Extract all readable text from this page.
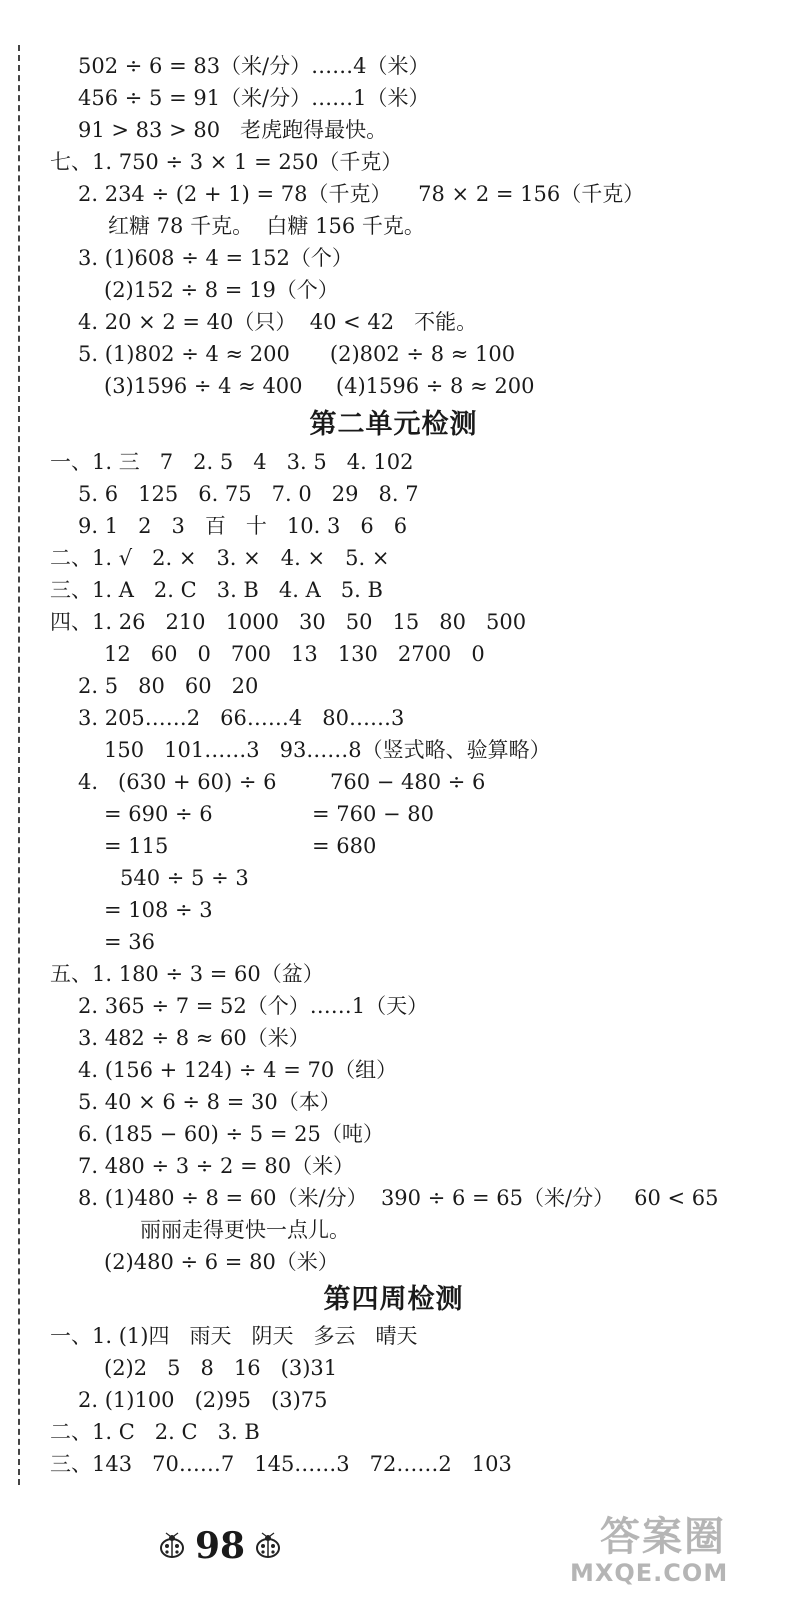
502 ÷ 6 = 83（米/分）……4（米）
456 ÷ 5 = 91（米/分）……1（米）
91 > 83 > 80   老虎跑得最快。
七、1. 750 ÷ 3 × 1 = 250（千克）
2. 234 ÷ (2 + 1) = 78（千克）    78 × 2 = 156（千克）
红糖 78 千克。  白糖 156 千克。
3. (1)608 ÷ 4 = 152（个）
(2)152 ÷ 8 = 19（个）
4. 20 × 2 = 40（只）  40 < 42   不能。
5. (1)802 ÷ 4 ≈ 200      (2)802 ÷ 8 ≈ 100
(3)1596 ÷ 4 ≈ 400     (4)1596 ÷ 8 ≈ 200
第二单元检测
一、1. 三   7   2. 5   4   3. 5   4. 102
5. 6   125   6. 75   7. 0   29   8. 7
9. 1   2   3   百   十   10. 3   6   6
二、1. √   2. ×   3. ×   4. ×   5. ×
三、1. A   2. C   3. B   4. A   5. B
四、1. 26   210   1000   30   50   15   80   500
12   60   0   700   13   130   2700   0
2. 5   80   60   20
3. 205……2   66……4   80……3
150   101……3   93……8（竖式略、验算略）
4.   (630 + 60) ÷ 6	760 − 480 ÷ 6
= 690 ÷ 6	= 760 − 80
= 115	= 680
540 ÷ 5 ÷ 3
= 108 ÷ 3
= 36
五、1. 180 ÷ 3 = 60（盆）
2. 365 ÷ 7 = 52（个）……1（天）
3. 482 ÷ 8 ≈ 60（米）
4. (156 + 124) ÷ 4 = 70（组）
5. 40 × 6 ÷ 8 = 30（本）
6. (185 − 60) ÷ 5 = 25（吨）
7. 480 ÷ 3 ÷ 2 = 80（米）
8. (1)480 ÷ 8 = 60（米/分）  390 ÷ 6 = 65（米/分）   60 < 65
丽丽走得更快一点儿。
(2)480 ÷ 6 = 80（米）
第四周检测
一、1. (1)四   雨天   阴天   多云   晴天
(2)2   5   8   16   (3)31
2. (1)100   (2)95   (3)75
二、1. C   2. C   3. B
三、143   70……7   145……3   72……2   103
98	答案圈
MXQE.COM
